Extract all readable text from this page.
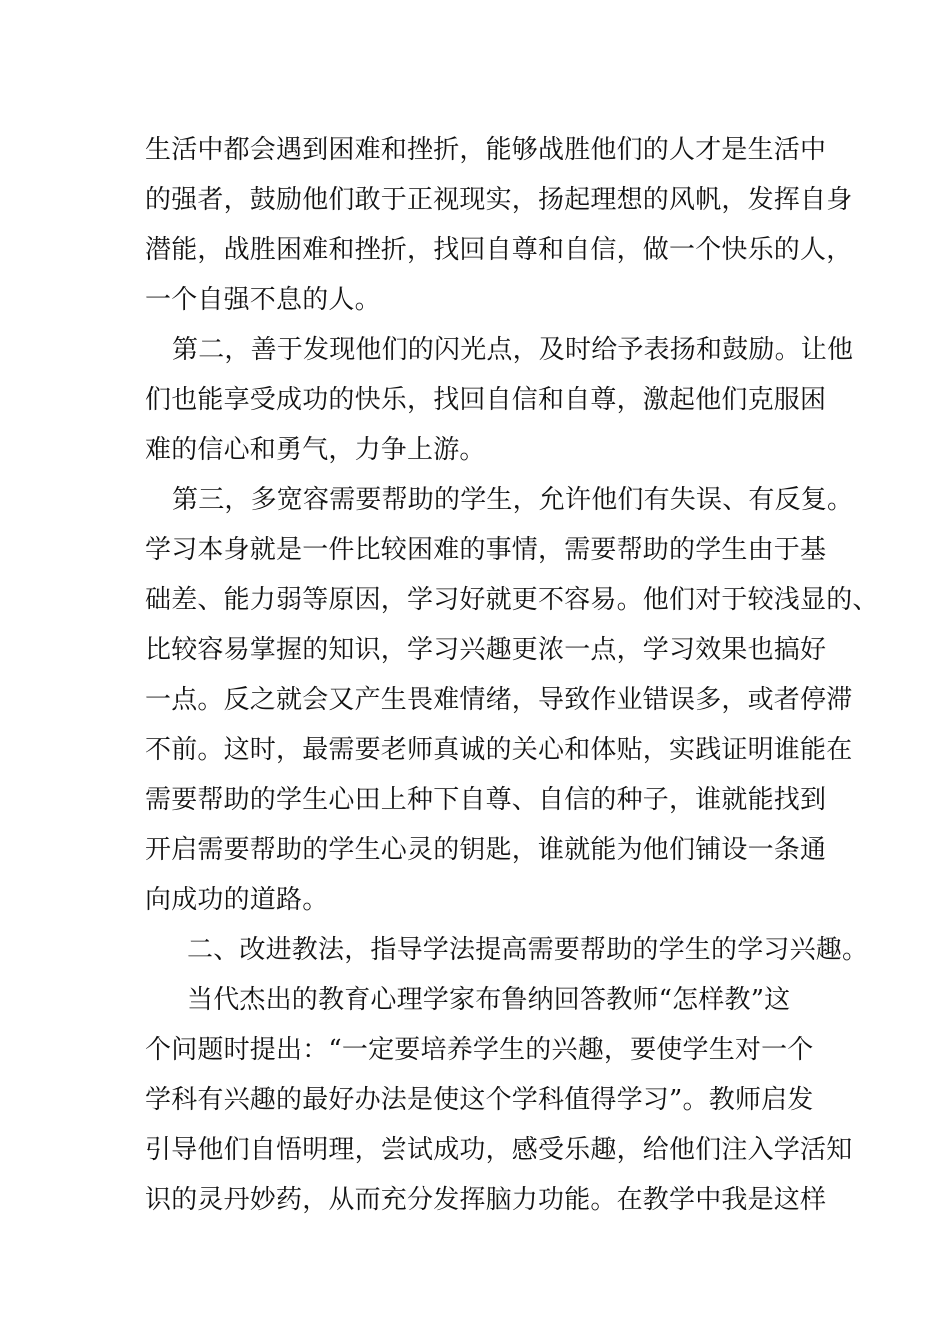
生活中都会遇到困难和挫折，能够战胜他们的人才是生活中
的强者，鼓励他们敢于正视现实，扬起理想的风帆，发挥自身
潜能，战胜困难和挫折，找回自尊和自信，做一个快乐的人，
一个自强不息的人。
第二，善于发现他们的闪光点，及时给予表扬和鼓励。让他
们也能享受成功的快乐，找回自信和自尊，激起他们克服困
难的信心和勇气，力争上游。
第三，多宽容需要帮助的学生，允许他们有失误、有反复。
学习本身就是一件比较困难的事情，需要帮助的学生由于基
础差、能力弱等原因，学习好就更不容易。他们对于较浅显的、
比较容易掌握的知识，学习兴趣更浓一点，学习效果也搞好
一点。反之就会又产生畏难情绪，导致作业错误多，或者停滞
不前。这时，最需要老师真诚的关心和体贴，实践证明谁能在
需要帮助的学生心田上种下自尊、自信的种子，谁就能找到
开启需要帮助的学生心灵的钥匙，谁就能为他们铺设一条通
向成功的道路。
二、改进教法，指导学法提高需要帮助的学生的学习兴趣。
当代杰出的教育心理学家布鲁纳回答教师“怎样教”这
个问题时提出：“一定要培养学生的兴趣，要使学生对一个
学科有兴趣的最好办法是使这个学科值得学习”。教师启发
引导他们自悟明理，尝试成功，感受乐趣，给他们注入学活知
识的灵丹妙药，从而充分发挥脑力功能。在教学中我是这样
